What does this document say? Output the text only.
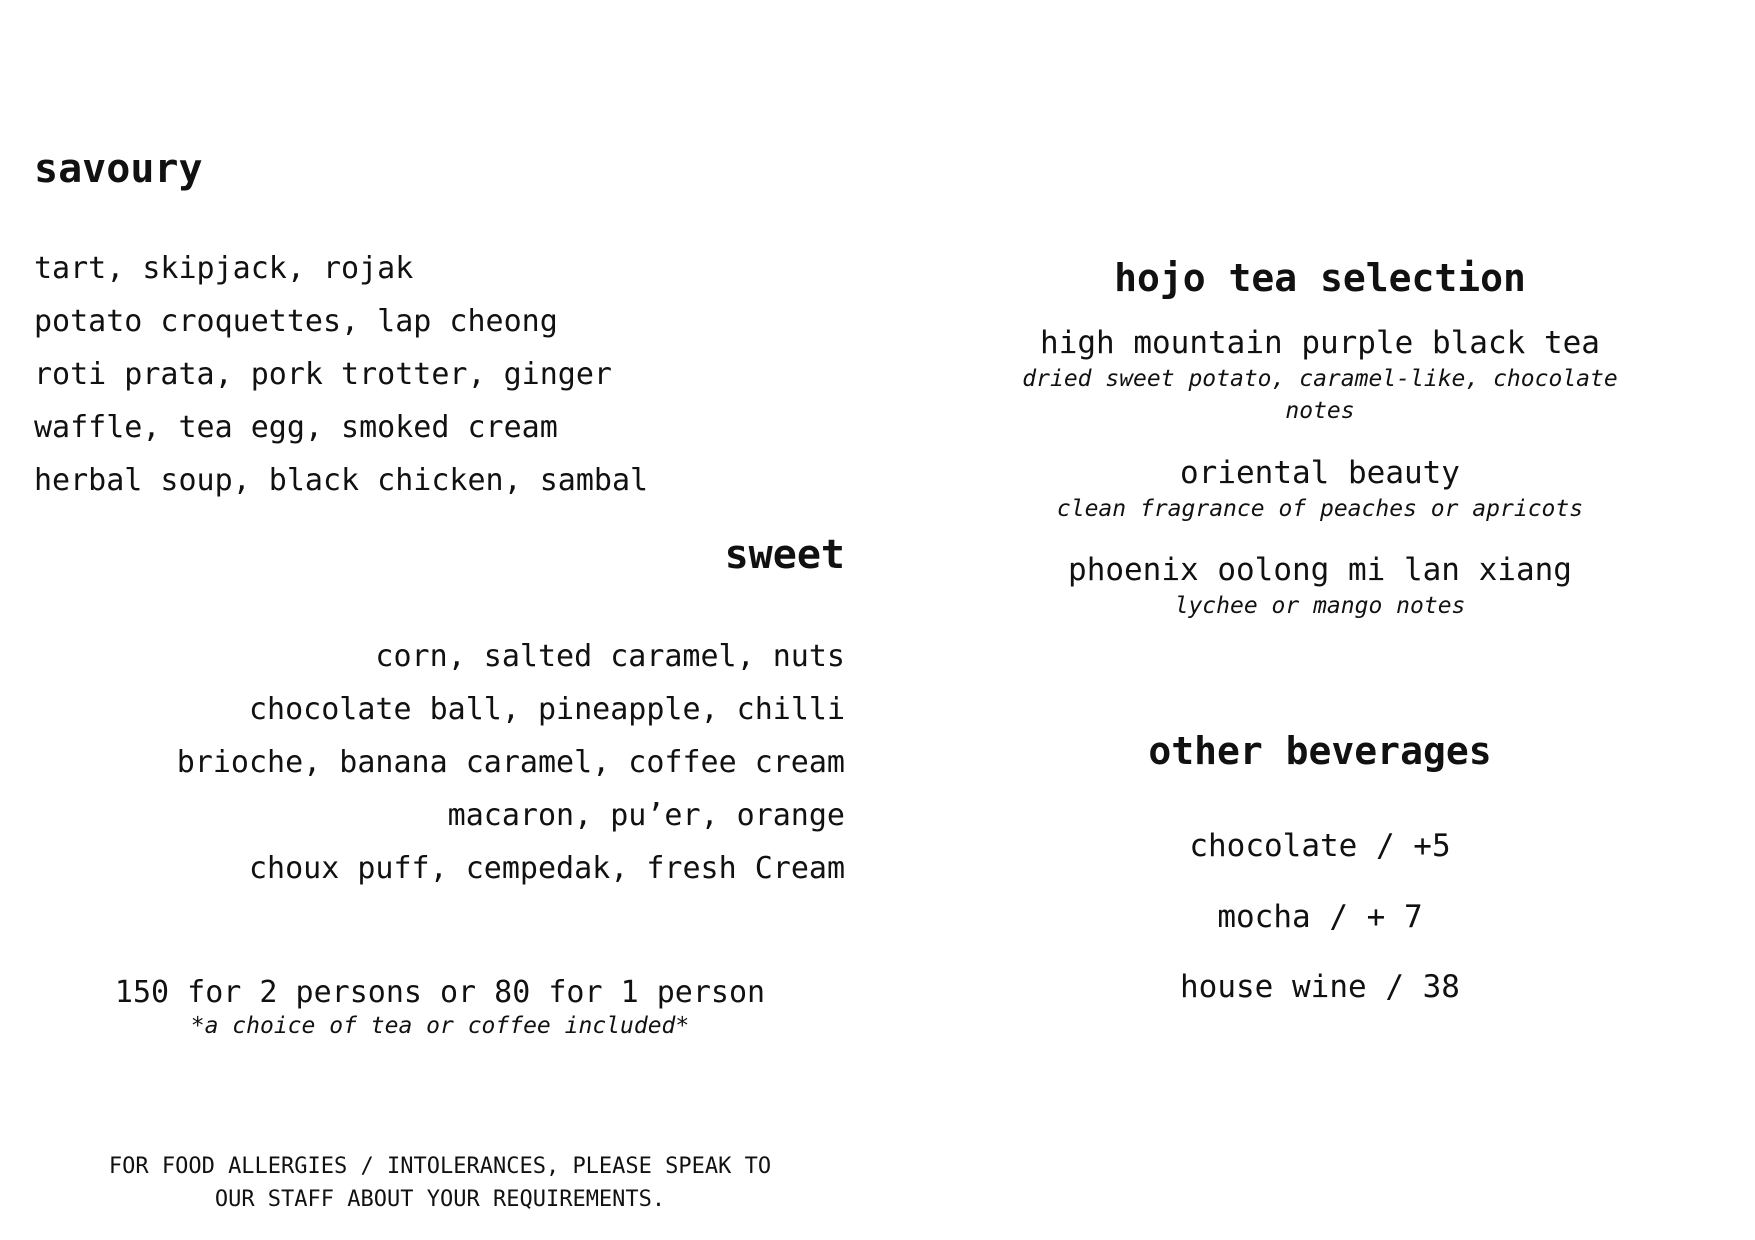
savoury
tart, skipjack, rojak
potato croquettes, lap cheong
roti prata, pork trotter, ginger
waffle, tea egg, smoked cream
herbal soup, black chicken, sambal
sweet
corn, salted caramel, nuts
chocolate ball, pineapple, chilli
brioche, banana caramel, coffee cream
macaron, pu’er, orange
choux puff, cempedak, fresh Cream
150 for 2 persons or 80 for 1 person
*a choice of tea or coffee included*
FOR FOOD ALLERGIES / INTOLERANCES, PLEASE SPEAK TO
OUR STAFF ABOUT YOUR REQUIREMENTS.
hojo tea selection
high mountain purple black tea
dried sweet potato, caramel-like, chocolate notes
oriental beauty
clean fragrance of peaches or apricots
phoenix oolong mi lan xiang
lychee or mango notes
other beverages
chocolate / +5
mocha / + 7
house wine / 38
